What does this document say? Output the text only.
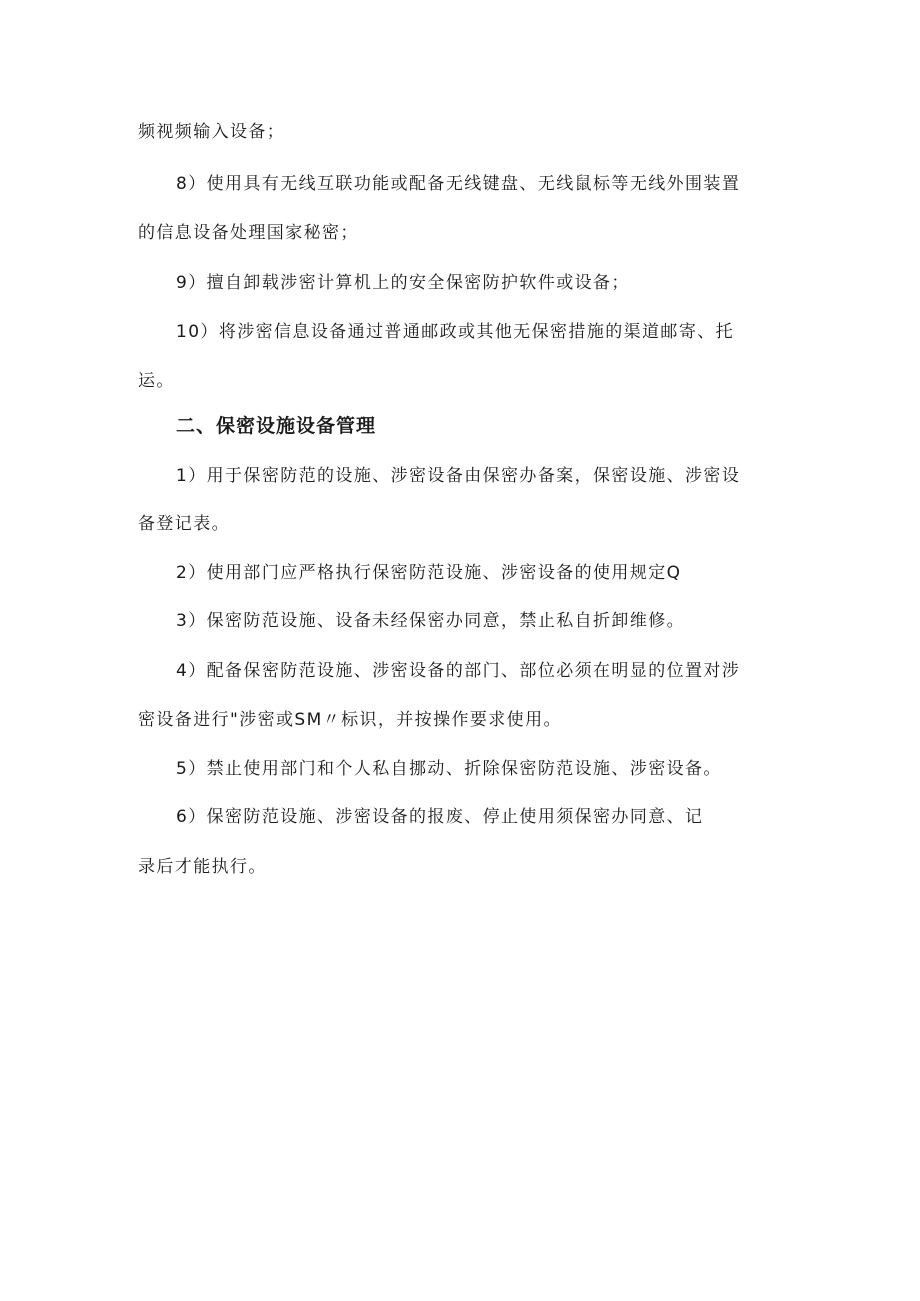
频视频输入设备；
8）使用具有无线互联功能或配备无线键盘、无线鼠标等无线外围装置
的信息设备处理国家秘密；
9）擅自卸载涉密计算机上的安全保密防护软件或设备；
10）将涉密信息设备通过普通邮政或其他无保密措施的渠道邮寄、托
运。
二、保密设施设备管理
1）用于保密防范的设施、涉密设备由保密办备案，保密设施、涉密设
备登记表。
2）使用部门应严格执行保密防范设施、涉密设备的使用规定Q
3）保密防范设施、设备未经保密办同意，禁止私自折卸维修。
4）配备保密防范设施、涉密设备的部门、部位必须在明显的位置对涉
密设备进行"涉密或SM〃标识，并按操作要求使用。
5）禁止使用部门和个人私自挪动、折除保密防范设施、涉密设备。
6）保密防范设施、涉密设备的报废、停止使用须保密办同意、记
录后才能执行。
